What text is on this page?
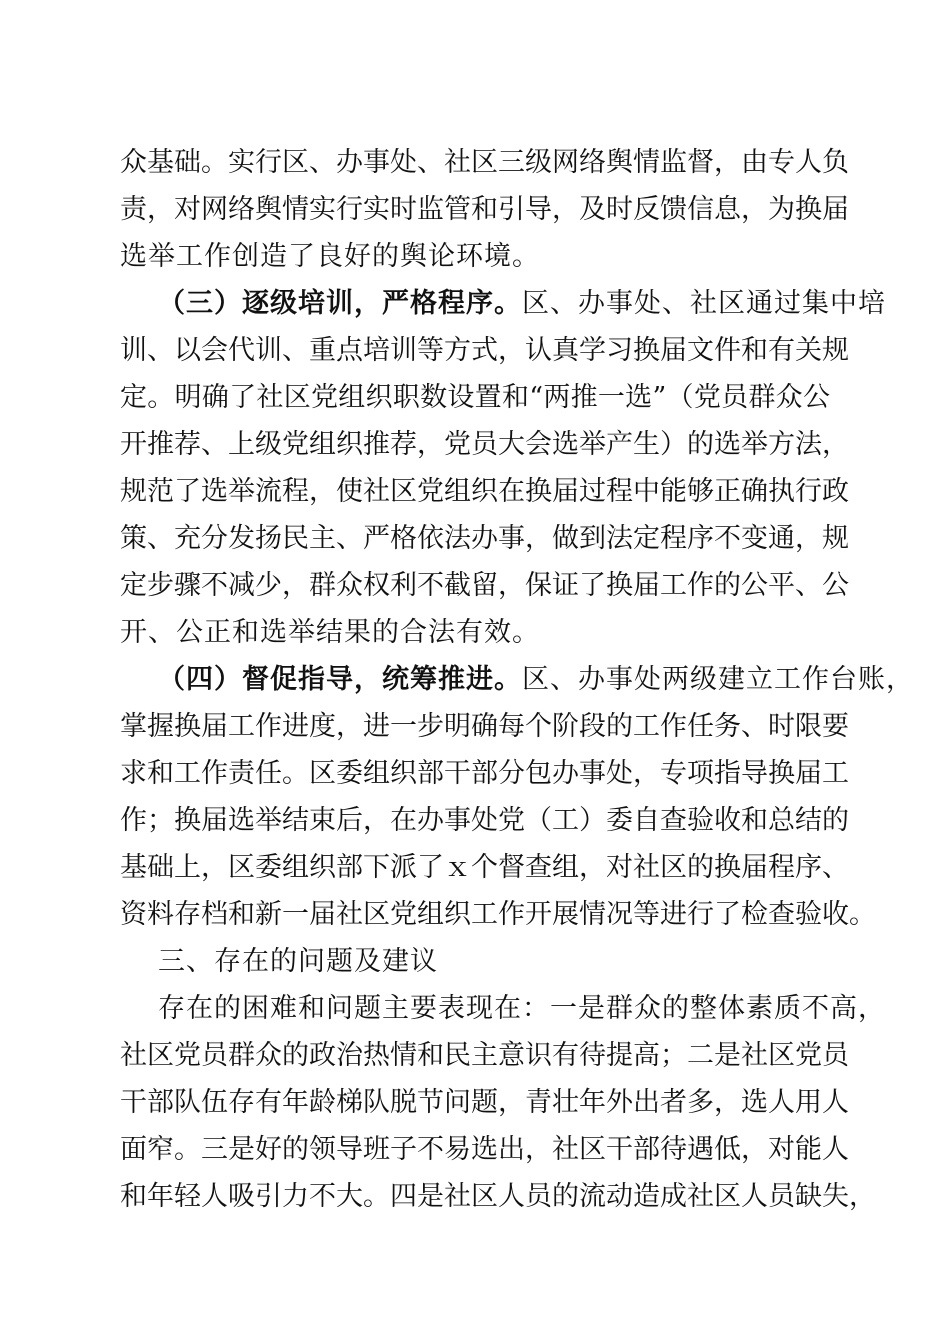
众 基 础 。 实 行 区 、 办 事 处 、 社 区 三 级 网 络 舆 情 监 督 ， 由 专 人 负
责 ， 对 网 络 舆 情 实 行 实 时 监 管 和 引 导 ， 及 时 反 馈 信 息 ， 为 换 届
选举工作创造了良好的舆论环境。
（三）逐级培训，严格程序。区、办事处、社区通过集中培
训 、 以 会 代 训 、 重 点 培 训 等 方 式 ， 认 真 学 习 换 届 文 件 和 有 关 规
定 。 明 确 了 社 区 党 组 织 职 数 设 置 和 “ 两 推 一 选 ” （ 党 员 群 众 公
开 推 荐 、 上 级 党 组 织 推 荐 ， 党 员 大 会 选 举 产 生 ） 的 选 举 方 法 ，
规 范 了 选 举 流 程 ， 使 社 区 党 组 织 在 换 届 过 程 中 能 够 正 确 执 行 政
策 、 充 分 发 扬 民 主 、 严 格 依 法 办 事 ， 做 到 法 定 程 序 不 变 通 ， 规
定 步 骤 不 减 少 ， 群 众 权 利 不 截 留 ， 保 证 了 换 届 工 作 的 公 平 、 公
开、公正和选举结果的合法有效。
（四）督促指导，统筹推进。区、办事处两级建立工作台账，
掌 握 换 届 工 作 进 度 ， 进 一 步 明 确 每 个 阶 段 的 工 作 任 务 、 时 限 要
求 和 工 作 责 任 。 区 委 组 织 部 干 部 分 包 办 事 处 ， 专 项 指 导 换 届 工
作 ； 换 届 选 举 结 束 后 ， 在 办 事 处 党 （ 工 ） 委 自 查 验 收 和 总 结 的
基 础 上 ， 区 委 组 织 部 下 派 了 ｘ 个 督 查 组 ， 对 社 区 的 换 届 程 序 、
资 料 存 档 和 新 一 届 社 区 党 组 织 工 作 开 展 情 况 等 进 行 了 检 查 验 收 。
三、存在的问题及建议
存在的困难和问题主要表现在：一是群众的整体素质不高，
社 区 党 员 群 众 的 政 治 热 情 和 民 主 意 识 有 待 提 高 ； 二 是 社 区 党 员
干 部 队 伍 存 有 年 龄 梯 队 脱 节 问 题 ， 青 壮 年 外 出 者 多 ， 选 人 用 人
面 窄 。 三 是 好 的 领 导 班 子 不 易 选 出 ， 社 区 干 部 待 遇 低 ， 对 能 人
和 年 轻 人 吸 引 力 不 大 。 四 是 社 区 人 员 的 流 动 造 成 社 区 人 员 缺 失 ，
